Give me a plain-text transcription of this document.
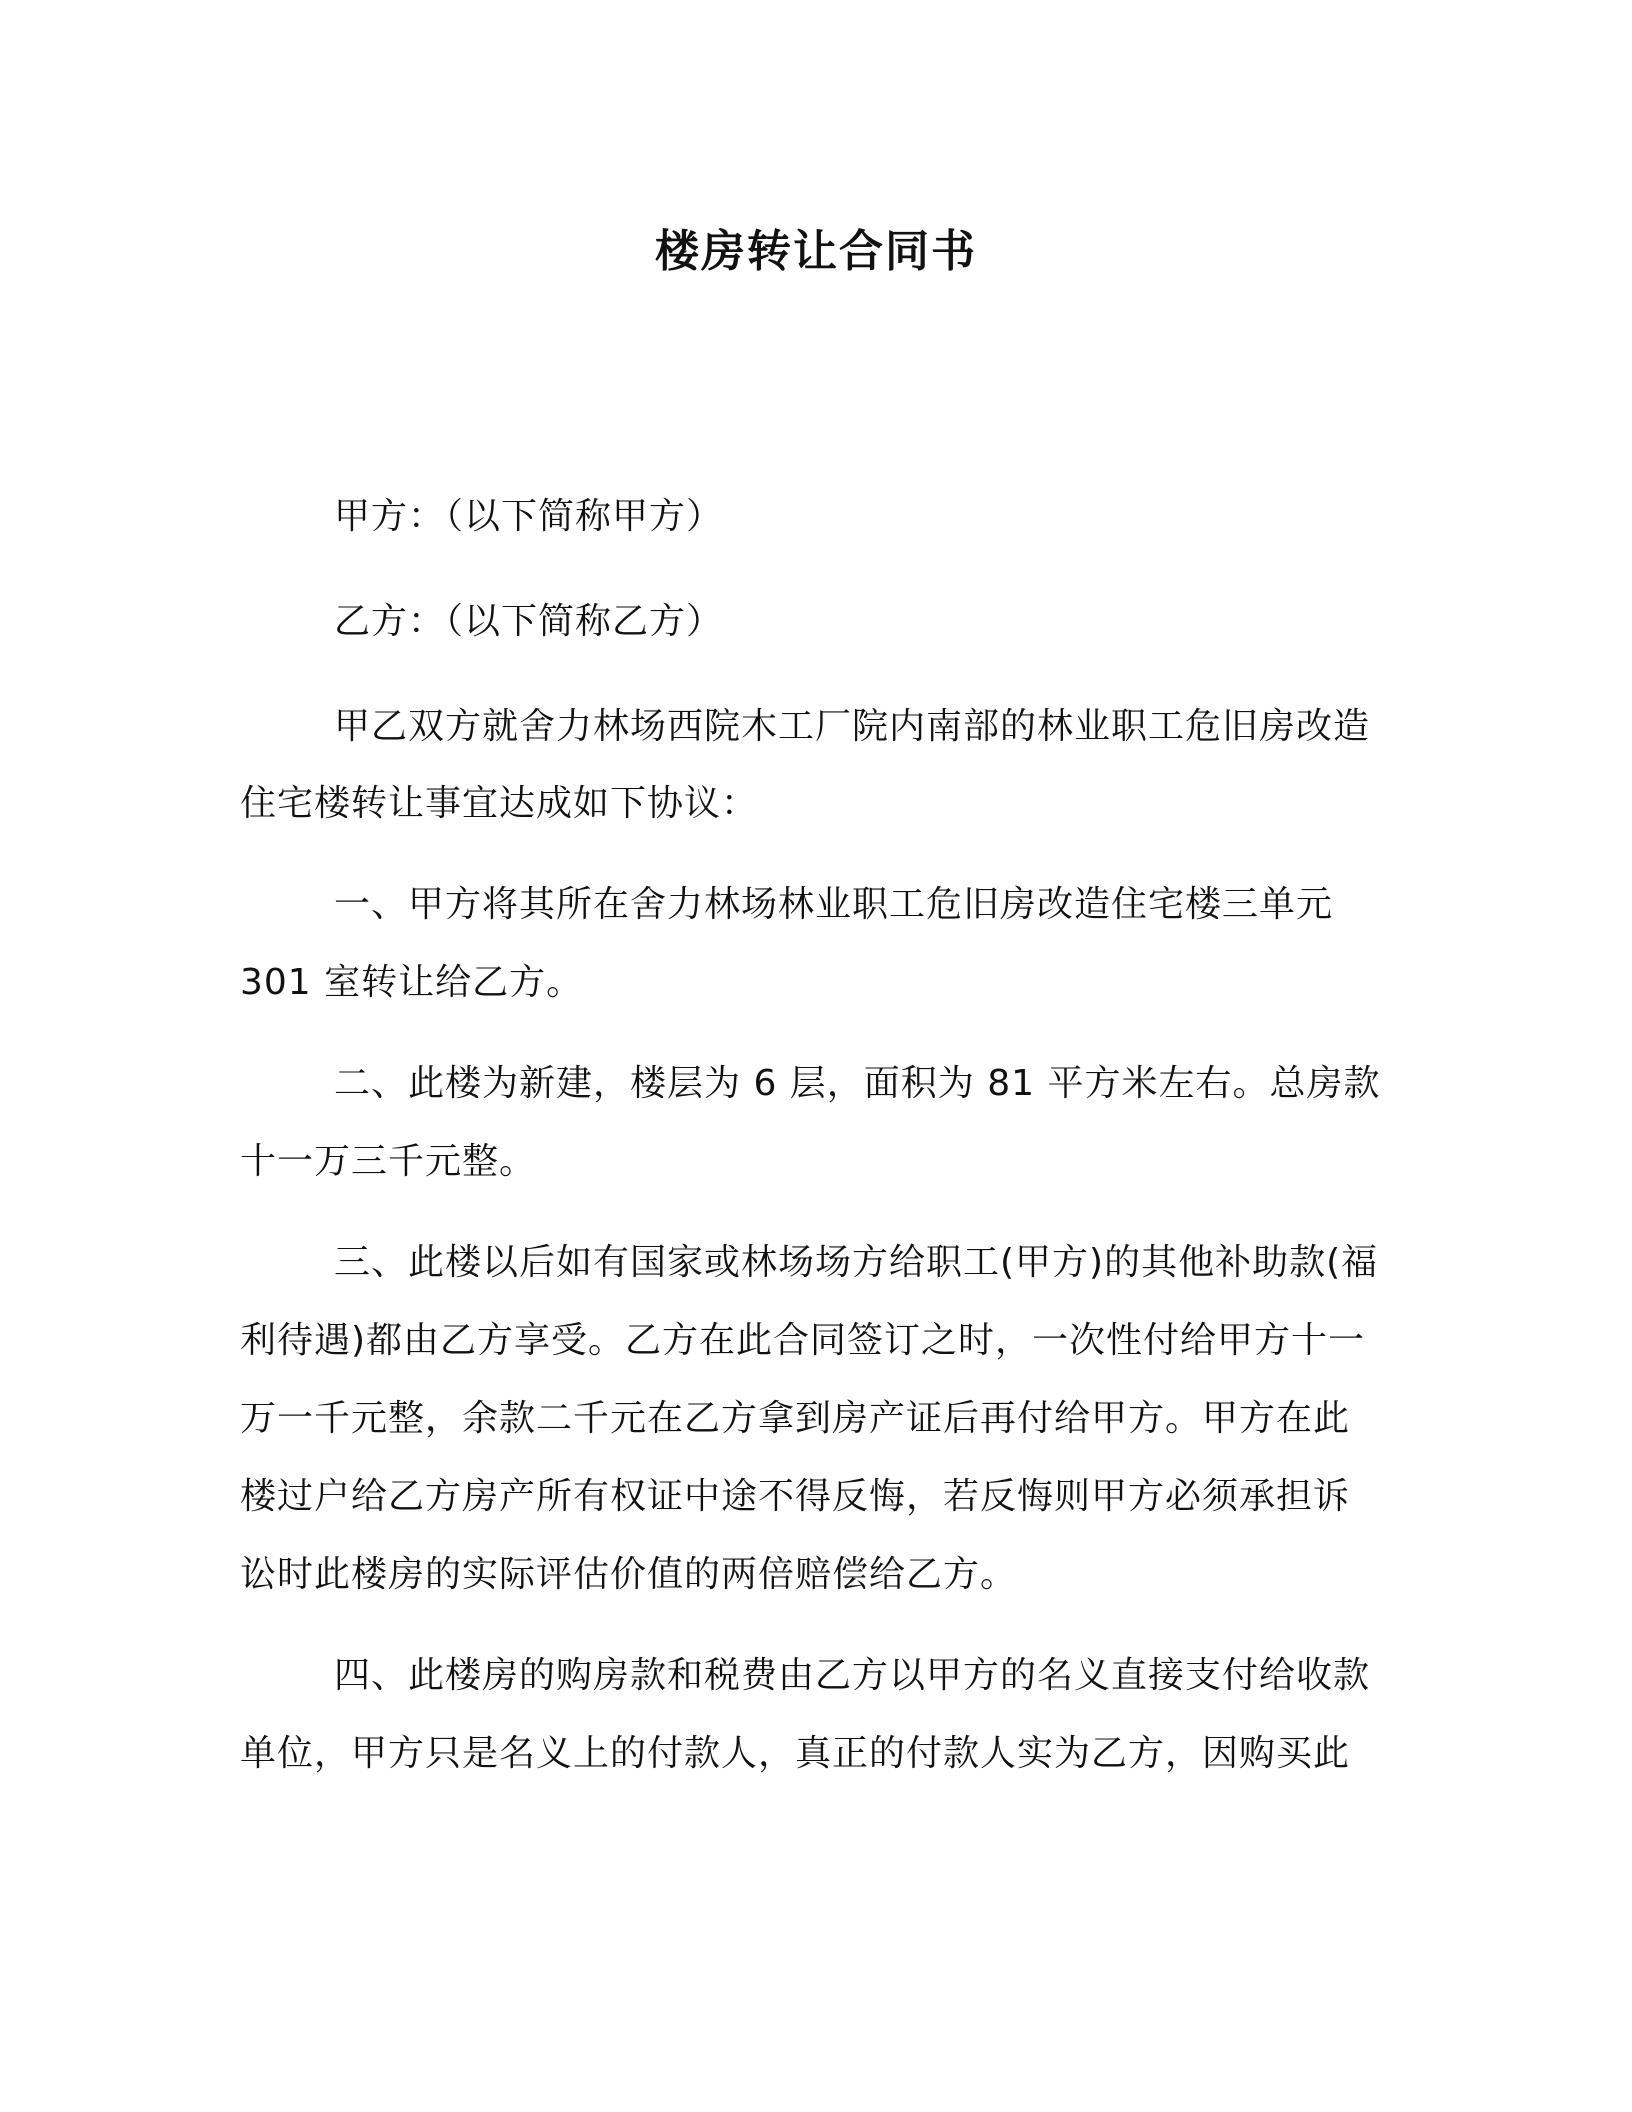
楼房转让合同书
甲方：（以下简称甲方）
乙方：（以下简称乙方）
甲乙双方就舍力林场西院木工厂院内南部的林业职工危旧房改造
住宅楼转让事宜达成如下协议：
一、甲方将其所在舍力林场林业职工危旧房改造住宅楼三单元
301 室转让给乙方。
二、此楼为新建，楼层为 6 层，面积为 81 平方米左右。总房款
十一万三千元整。
三、此楼以后如有国家或林场场方给职工(甲方)的其他补助款(福
利待遇)都由乙方享受。乙方在此合同签订之时，一次性付给甲方十一
万一千元整，余款二千元在乙方拿到房产证后再付给甲方。甲方在此
楼过户给乙方房产所有权证中途不得反悔，若反悔则甲方必须承担诉
讼时此楼房的实际评估价值的两倍赔偿给乙方。
四、此楼房的购房款和税费由乙方以甲方的名义直接支付给收款
单位，甲方只是名义上的付款人，真正的付款人实为乙方，因购买此
